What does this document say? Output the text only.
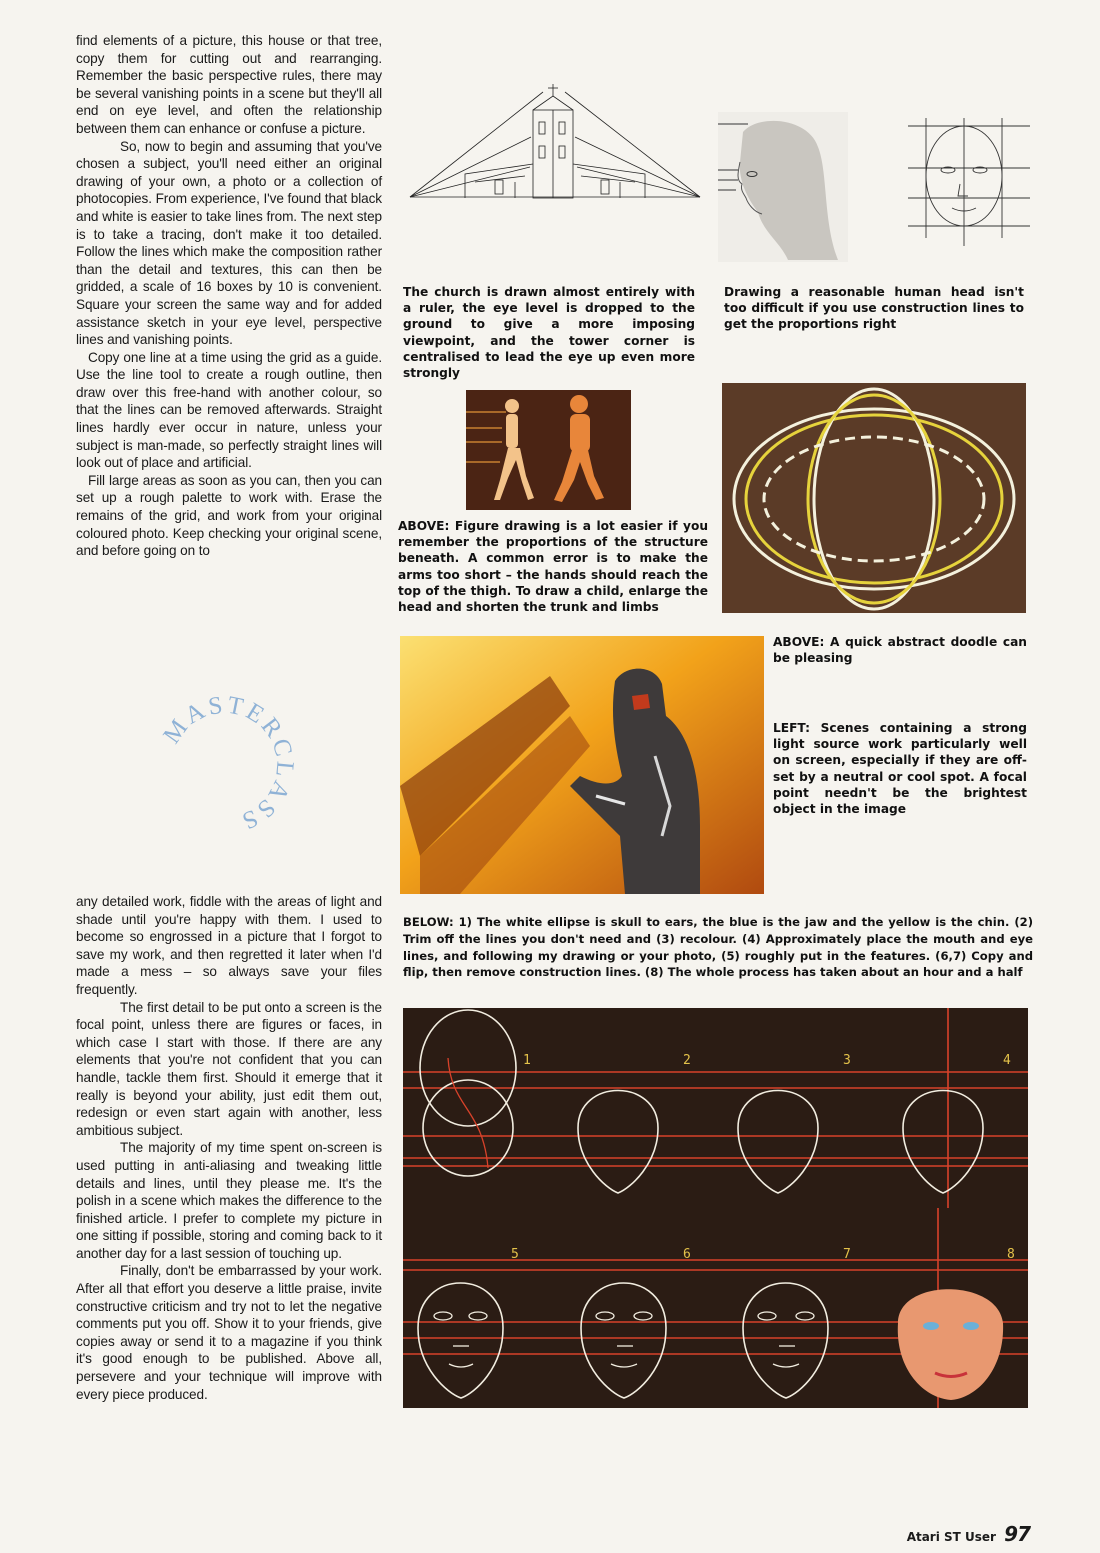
find elements of a picture, this house or that tree, copy them for cutting out and rearranging. Remember the basic perspective rules, there may be several vanishing points in a scene but they'll all end on eye level, and often the relationship between them can enhance or confuse a picture.

So, now to begin and assuming that you've chosen a subject, you'll need either an original drawing of your own, a photo or a collection of photocopies. From experience, I've found that black and white is easier to take lines from. The next step is to take a tracing, don't make it too detailed. Follow the lines which make the composition rather than the detail and textures, this can then be gridded, a scale of 16 boxes by 10 is convenient. Square your screen the same way and for added assistance sketch in your eye level, perspective lines and vanishing points.

Copy one line at a time using the grid as a guide. Use the line tool to create a rough outline, then draw over this free-hand with another colour, so that the lines can be removed afterwards. Straight lines hardly ever occur in nature, unless your subject is man-made, so perfectly straight lines will look out of place and artificial.

Fill large areas as soon as you can, then you can set up a rough palette to work with. Erase the remains of the grid, and work from your original coloured photo. Keep checking your original scene, and before going on to

MASTERCLASS

any detailed work, fiddle with the areas of light and shade until you're happy with them. I used to become so engrossed in a picture that I forgot to save my work, and then regretted it later when I'd made a mess – so always save your files frequently.

The first detail to be put onto a screen is the focal point, unless there are figures or faces, in which case I start with those. If there are any elements that you're not confident that you can handle, tackle them first. Should it emerge that it really is beyond your ability, just edit them out, redesign or even start again with another, less ambitious subject.

The majority of my time spent on-screen is used putting in anti-aliasing and tweaking little details and lines, until they please me. It's the polish in a scene which makes the difference to the finished article. I prefer to complete my picture in one sitting if possible, storing and coming back to it another day for a last session of touching up.

Finally, don't be embarrassed by your work. After all that effort you deserve a little praise, invite constructive criticism and try not to let the negative comments put you off. Show it to your friends, give copies away or send it to a magazine if you think it's good enough to be published. Above all, persevere and your technique will improve with every piece produced.

The church is drawn almost entirely with a ruler, the eye level is dropped to the ground to give a more imposing viewpoint, and the tower corner is centralised to lead the eye up even more strongly
Drawing a reasonable human head isn't too difficult if you use construction lines to get the proportions right
ABOVE: Figure drawing is a lot easier if you remember the proportions of the structure beneath. A common error is to make the arms too short – the hands should reach the top of the thigh. To draw a child, enlarge the head and shorten the trunk and limbs
ABOVE: A quick abstract doodle can be pleasing
LEFT: Scenes containing a strong light source work particularly well on screen, especially if they are off-set by a neutral or cool spot. A focal point needn't be the brightest object in the image
BELOW: 1) The white ellipse is skull to ears, the blue is the jaw and the yellow is the chin. (2) Trim off the lines you don't need and (3) recolour. (4) Approximately place the mouth and eye lines, and following my drawing or your photo, (5) roughly put in the features. (6,7) Copy and flip, then remove construction lines. (8) The whole process has taken about an hour and a half
1	2	3	4
5	6	7	8
Atari ST User 97
